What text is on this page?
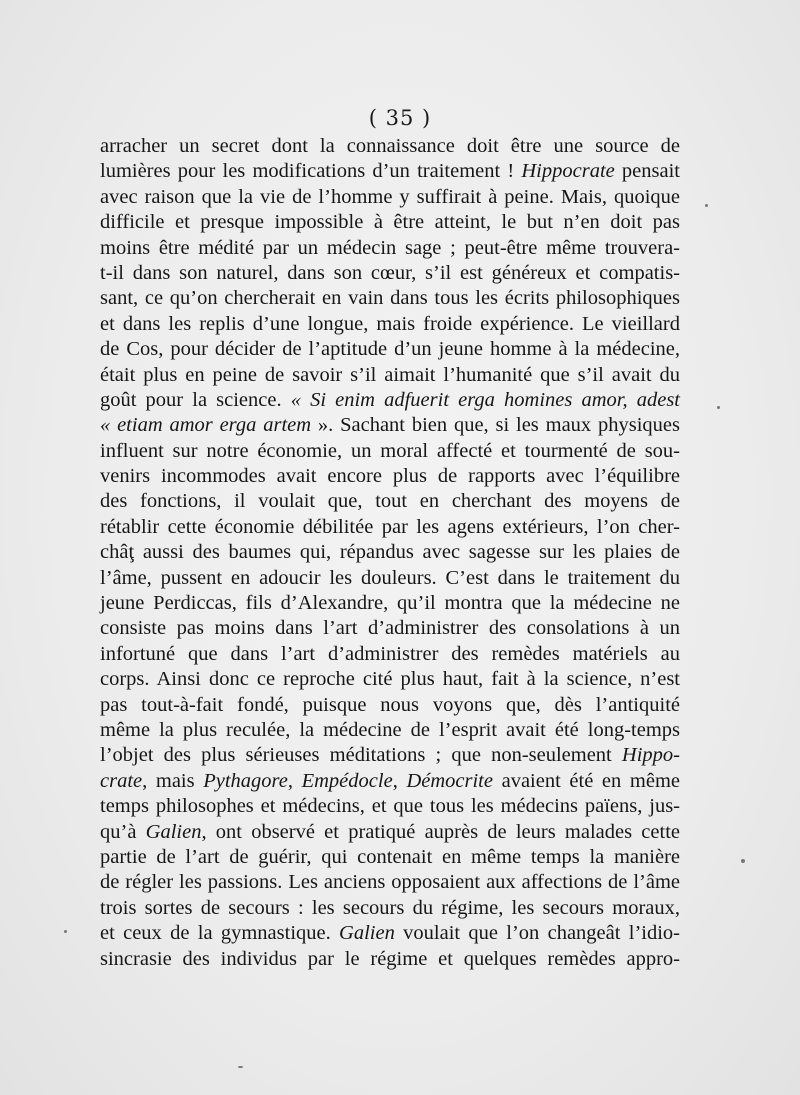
( 35 )
arracher un secret dont la connaissance doit être une source de
lumières pour les modifications d’un traitement ! Hippocrate pensait
avec raison que la vie de l’homme y suffirait à peine. Mais, quoique
difficile et presque impossible à être atteint, le but n’en doit pas
moins être médité par un médecin sage ; peut-être même trouvera-
t-il dans son naturel, dans son cœur, s’il est généreux et compatis-
sant, ce qu’on chercherait en vain dans tous les écrits philosophiques
et dans les replis d’une longue, mais froide expérience. Le vieillard
de Cos, pour décider de l’aptitude d’un jeune homme à la médecine,
était plus en peine de savoir s’il aimait l’humanité que s’il avait du
goût pour la science. « Si enim adfuerit erga homines amor, adest
« etiam amor erga artem ». Sachant bien que, si les maux physiques
influent sur notre économie, un moral affecté et tourmenté de sou-
venirs incommodes avait encore plus de rapports avec l’équilibre
des fonctions, il voulait que, tout en cherchant des moyens de
rétablir cette économie débilitée par les agens extérieurs, l’on cher-
châţ aussi des baumes qui, répandus avec sagesse sur les plaies de
l’âme, pussent en adoucir les douleurs. C’est dans le traitement du
jeune Perdiccas, fils d’Alexandre, qu’il montra que la médecine ne
consiste pas moins dans l’art d’administrer des consolations à un
infortuné que dans l’art d’administrer des remèdes matériels au
corps. Ainsi donc ce reproche cité plus haut, fait à la science, n’est
pas tout-à-fait fondé, puisque nous voyons que, dès l’antiquité
même la plus reculée, la médecine de l’esprit avait été long-temps
l’objet des plus sérieuses méditations ; que non-seulement Hippo-
crate, mais Pythagore, Empédocle, Démocrite avaient été en même
temps philosophes et médecins, et que tous les médecins païens, jus-
qu’à Galien, ont observé et pratiqué auprès de leurs malades cette
partie de l’art de guérir, qui contenait en même temps la manière
de régler les passions. Les anciens opposaient aux affections de l’âme
trois sortes de secours : les secours du régime, les secours moraux,
et ceux de la gymnastique. Galien voulait que l’on changeât l’idio-
sincrasie des individus par le régime et quelques remèdes appro-
